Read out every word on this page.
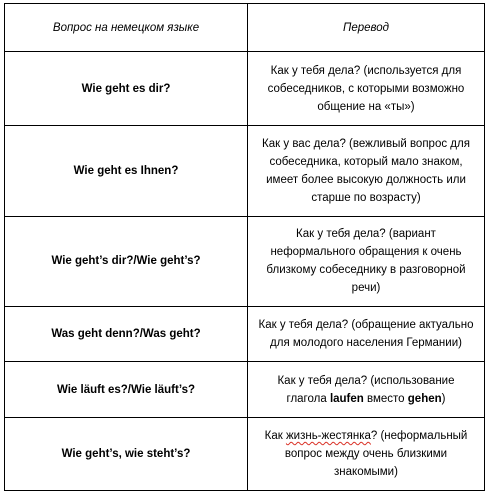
Вопрос на немецком языке	Перевод
Wie geht es dir?	Как у тебя дела? (используется для собеседников, с которыми возможно общение на «ты»)
Wie geht es Ihnen?	Как у вас дела? (вежливый вопрос для собеседника, который мало знаком, имеет более высокую должность или старше по возрасту)
Wie geht’s dir?/Wie geht’s?	Как у тебя дела? (вариант неформального обращения к очень близкому собеседнику в разговорной речи)
Was geht denn?/Was geht?	Как у тебя дела? (обращение актуально для молодого населения Германии)
Wie läuft es?/Wie läuft’s?	Как у тебя дела? (использование глагола laufen вместо gehen)
Wie geht’s, wie steht’s?	Как жизнь-жестянка? (неформальный вопрос между очень близкими знакомыми)
